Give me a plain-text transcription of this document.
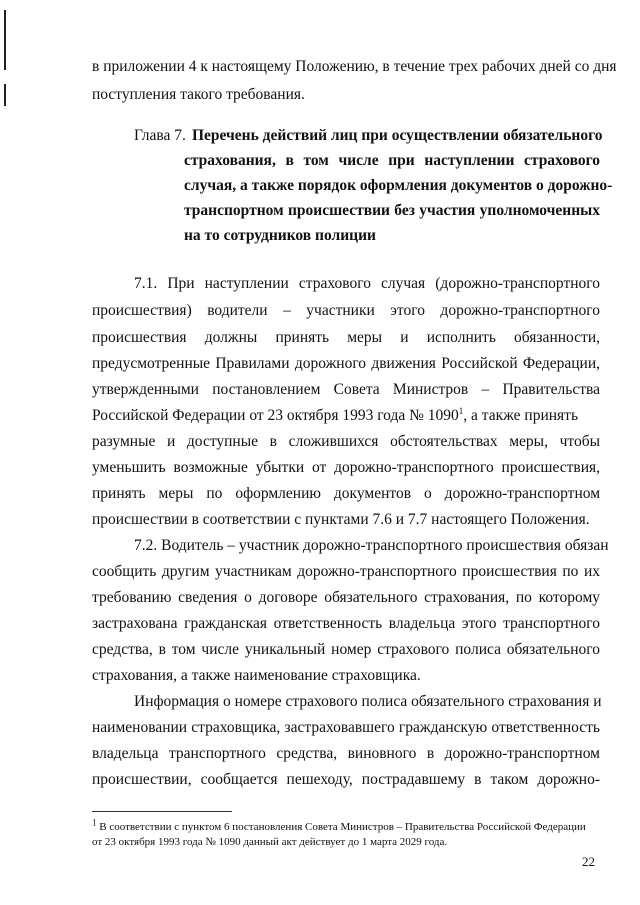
в приложении 4 к настоящему Положению, в течение трех рабочих дней со дня
поступления такого требования.
Глава 7. Перечень действий лиц при осуществлении обязательного
страхования, в том числе при наступлении страхового
случая, а также порядок оформления документов о дорожно-
транспортном происшествии без участия уполномоченных
на то сотрудников полиции
7.1. При наступлении страхового случая (дорожно-транспортного
происшествия) водители – участники этого дорожно-транспортного
происшествия должны принять меры и исполнить обязанности,
предусмотренные Правилами дорожного движения Российской Федерации,
утвержденными постановлением Совета Министров – Правительства
Российской Федерации от 23 октября 1993 года № 1090$^1$, а также принять
разумные и доступные в сложившихся обстоятельствах меры, чтобы
уменьшить возможные убытки от дорожно-транспортного происшествия,
принять меры по оформлению документов о дорожно-транспортном
происшествии в соответствии с пунктами 7.6 и 7.7 настоящего Положения.
7.2. Водитель – участник дорожно-транспортного происшествия обязан
сообщить другим участникам дорожно-транспортного происшествия по их
требованию сведения о договоре обязательного страхования, по которому
застрахована гражданская ответственность владельца этого транспортного
средства, в том числе уникальный номер страхового полиса обязательного
страхования, а также наименование страховщика.
Информация о номере страхового полиса обязательного страхования и
наименовании страховщика, застраховавшего гражданскую ответственность
владельца транспортного средства, виновного в дорожно-транспортном
происшествии, сообщается пешеходу, пострадавшему в таком дорожно-
$^1$ В соответствии с пунктом 6 постановления Совета Министров – Правительства Российской Федерации
от 23 октября 1993 года № 1090 данный акт действует до 1 марта 2029 года.
22
